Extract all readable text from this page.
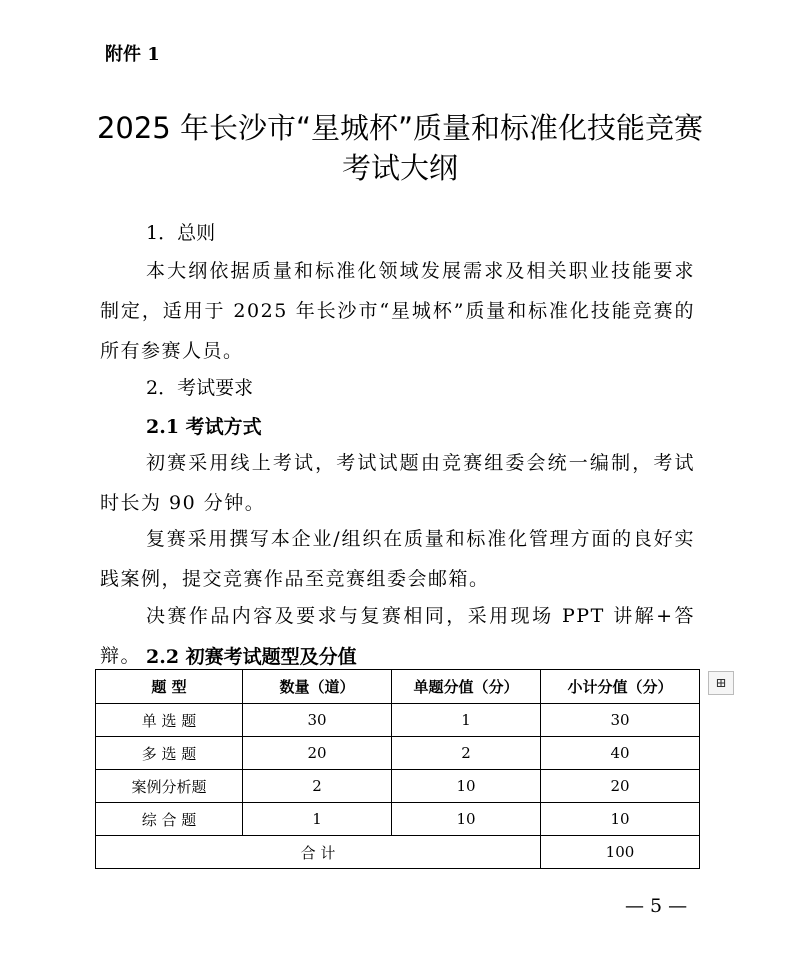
附件 1
2025 年长沙市“星城杯”质量和标准化技能竞赛
考试大纲
1．总则
本大纲依据质量和标准化领域发展需求及相关职业技能要求制定，适用于 2025 年长沙市“星城杯”质量和标准化技能竞赛的所有参赛人员。
2．考试要求
2.1 考试方式
初赛采用线上考试，考试试题由竞赛组委会统一编制，考试时长为 90 分钟。
复赛采用撰写本企业/组织在质量和标准化管理方面的良好实践案例，提交竞赛作品至竞赛组委会邮箱。
决赛作品内容及要求与复赛相同，采用现场 PPT 讲解+答辩。 2.2 初赛考试题型及分值
题 型	数量（道）	单题分值（分）	小计分值（分）
单 选 题	30	1	30
多 选 题	20	2	40
案例分析题	2	10	20
综 合 题	1	10	10
合 计			100
⊞
— 5 —
